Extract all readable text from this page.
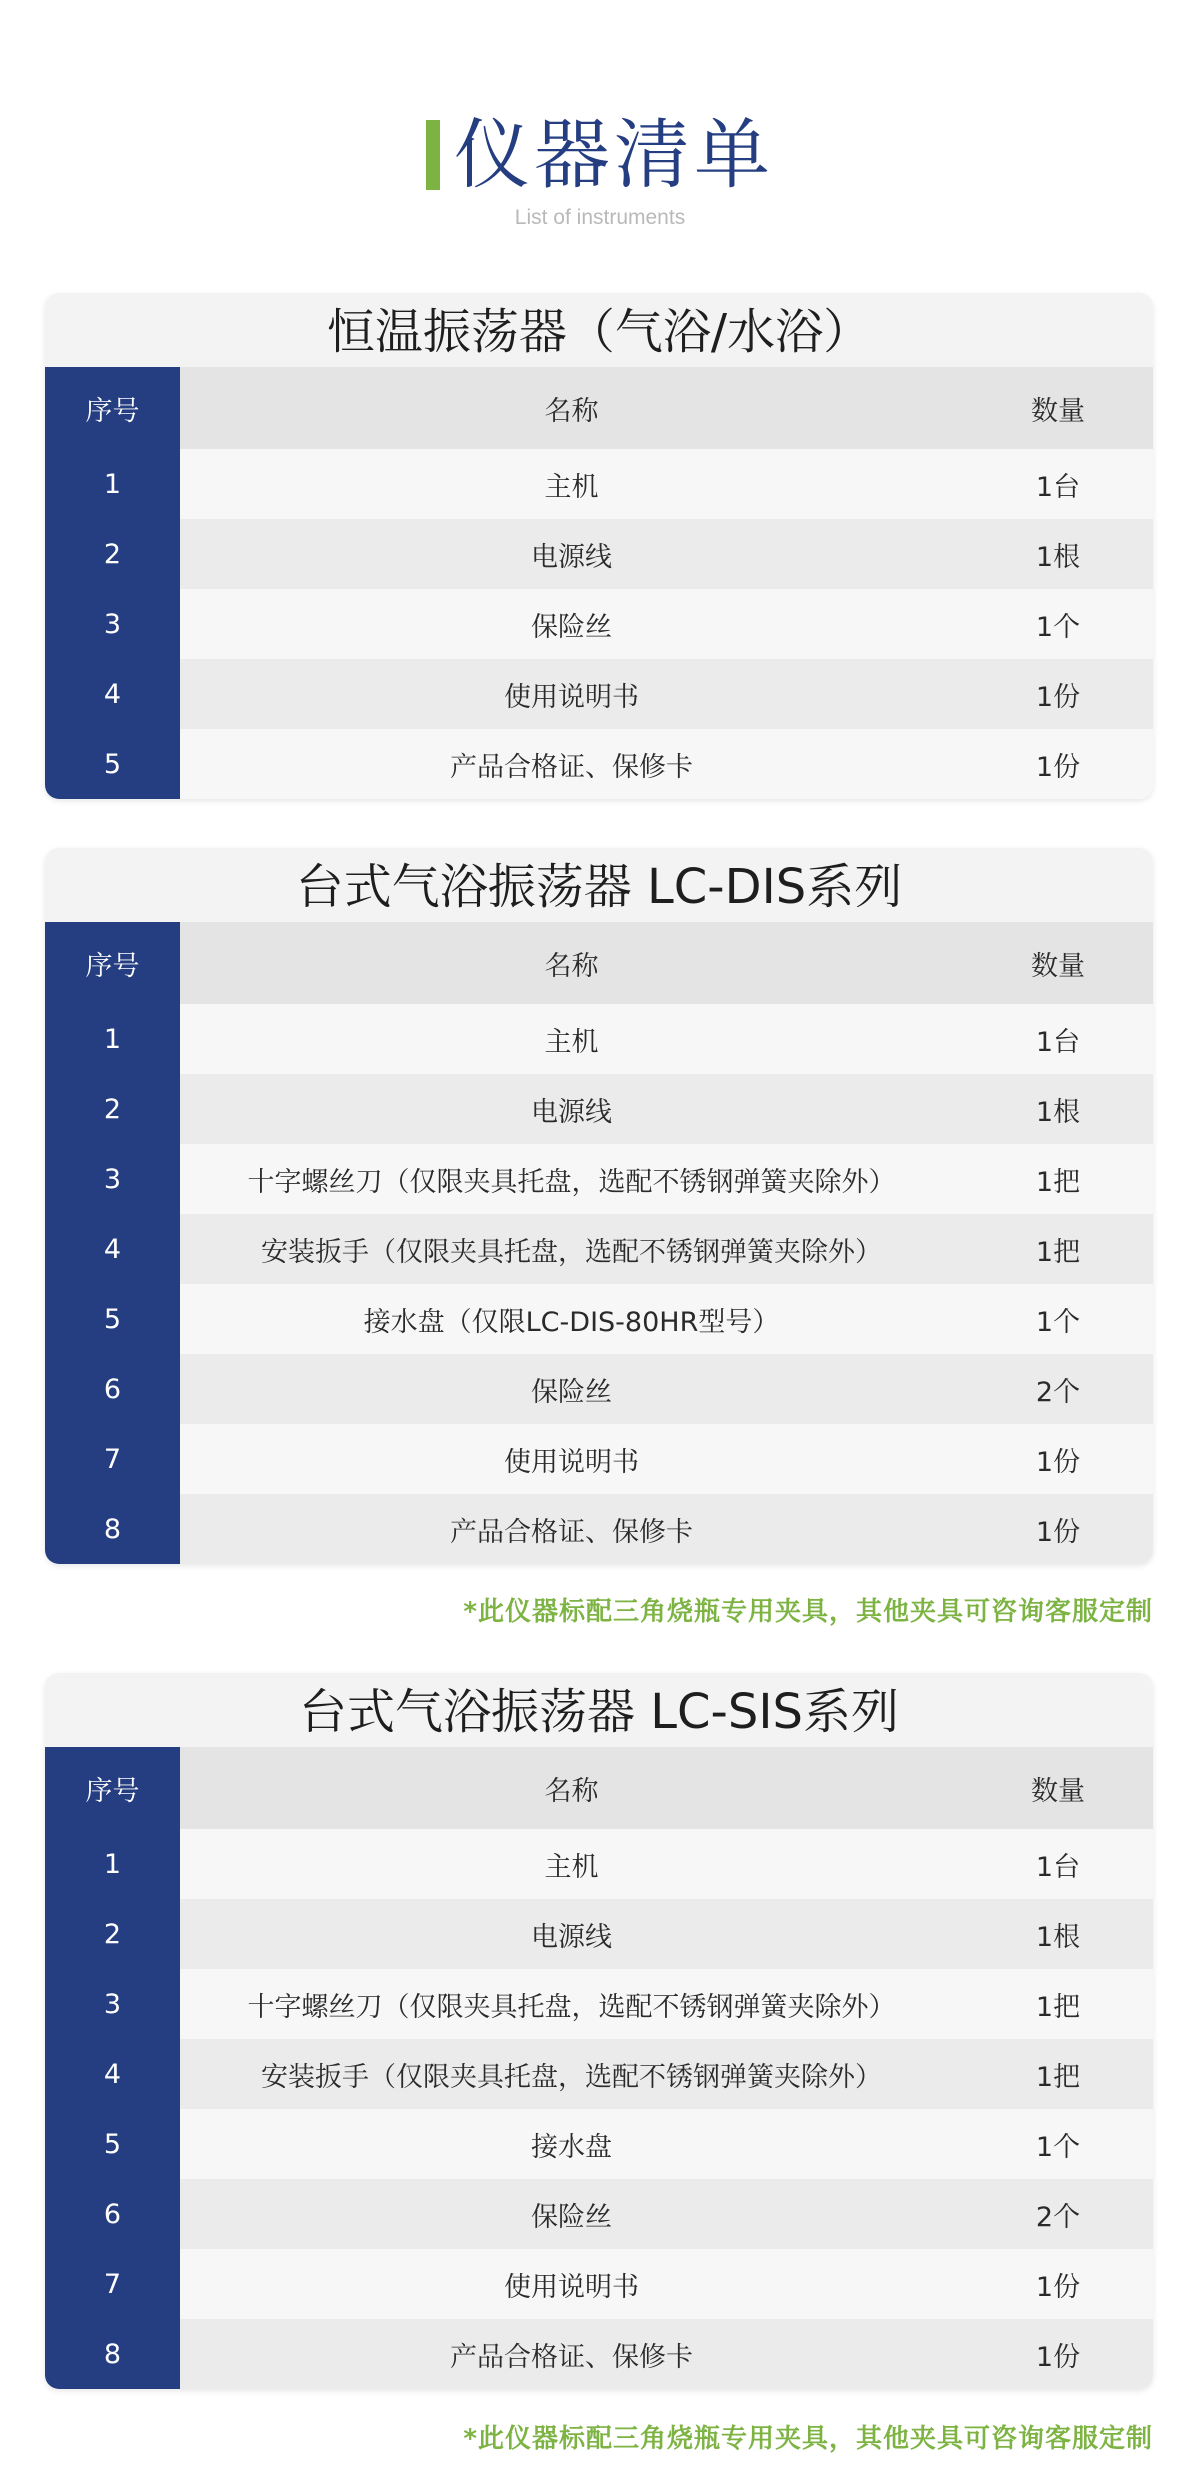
仪器清单
List of instruments
恒温振荡器（气浴/水浴）
序号	名称	数量
1	主机	1台
2	电源线	1根
3	保险丝	1个
4	使用说明书	1份
5	产品合格证、保修卡	1份
台式气浴振荡器 LC-DIS系列
序号	名称	数量
1	主机	1台
2	电源线	1根
3	十字螺丝刀（仅限夹具托盘，选配不锈钢弹簧夹除外）	1把
4	安装扳手（仅限夹具托盘，选配不锈钢弹簧夹除外）	1把
5	接水盘（仅限LC-DIS-80HR型号）	1个
6	保险丝	2个
7	使用说明书	1份
8	产品合格证、保修卡	1份
*此仪器标配三角烧瓶专用夹具，其他夹具可咨询客服定制
台式气浴振荡器 LC-SIS系列
序号	名称	数量
1	主机	1台
2	电源线	1根
3	十字螺丝刀（仅限夹具托盘，选配不锈钢弹簧夹除外）	1把
4	安装扳手（仅限夹具托盘，选配不锈钢弹簧夹除外）	1把
5	接水盘	1个
6	保险丝	2个
7	使用说明书	1份
8	产品合格证、保修卡	1份
*此仪器标配三角烧瓶专用夹具，其他夹具可咨询客服定制
